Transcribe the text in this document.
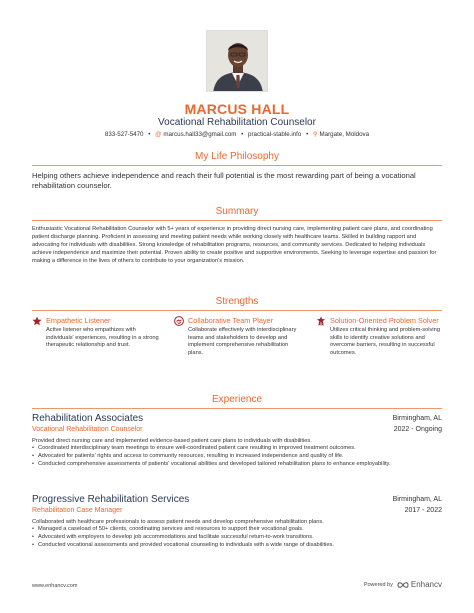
MARCUS HALL
Vocational Rehabilitation Counselor
833-527-5470 • @ marcus.hall33@gmail.com • practical-stable.info • ⚲ Margate, Moldova
My Life Philosophy
Helping others achieve independence and reach their full potential is the most rewarding part of being a vocational rehabilitation counselor.
Summary
Enthusiastic Vocational Rehabilitation Counselor with 5+ years of experience in providing direct nursing care, implementing patient care plans, and coordinating patient discharge planning. Proficient in assessing and meeting patient needs while working closely with healthcare teams. Skilled in building rapport and advocating for individuals with disabilities. Strong knowledge of rehabilitation programs, resources, and community services. Dedicated to helping individuals achieve independence and maximize their potential. Proven ability to create positive and supportive environments. Seeking to leverage expertise and passion for making a difference in the lives of others to contribute to your organization's mission.
Strengths
Empathetic Listener
Active listener who empathizes with individuals' experiences, resulting in a strong therapeutic relationship and trust.
Collaborative Team Player
Collaborate effectively with interdisciplinary teams and stakeholders to develop and implement comprehensive rehabilitation plans.
Solution-Oriented Problem Solver
Utilizes critical thinking and problem-solving skills to identify creative solutions and overcome barriers, resulting in successful outcomes.
Experience
Rehabilitation Associates	Birmingham, AL
Vocational Rehabilitation Counselor	2022 - Ongoing
Provided direct nursing care and implemented evidence-based patient care plans to individuals with disabilities.
• Coordinated interdisciplinary team meetings to ensure well-coordinated patient care resulting in improved treatment outcomes.
• Advocated for patients' rights and access to community resources, resulting in increased independence and quality of life.
• Conducted comprehensive assessments of patients' vocational abilities and developed tailored rehabilitation plans to enhance employability.
Progressive Rehabilitation Services	Birmingham, AL
Rehabilitation Case Manager	2017 - 2022
Collaborated with healthcare professionals to assess patient needs and develop comprehensive rehabilitation plans.
• Managed a caseload of 50+ clients, coordinating services and resources to support their vocational goals.
• Advocated with employers to develop job accommodations and facilitate successful return-to-work transitions.
• Conducted vocational assessments and provided vocational counseling to individuals with a wide range of disabilities.
www.enhancv.com	Powered by Enhancv
